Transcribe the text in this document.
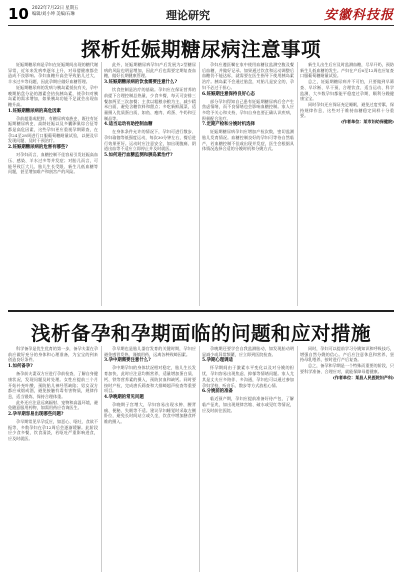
10 2022年7月22日 星期五
编辑/刘小坤 美编/石琳	理论研究	安徽科技报
探析妊娠期糖尿病注意事项

妊娠期糖尿病是孕妇在妊娠期间出现的糖代谢异常，近年来发病率逐年上升，对母婴健康都会造成不良影响。孕妇血糖升高会导致胎儿过大、羊水过多等问题，因此孕期应做好血糖管理。

妊娠期糖尿病的发病与胰岛素抵抗有关，孕中晚期胎盘分泌的激素会拮抗胰岛素，使孕妇对胰岛素的需求增加，如果胰岛功能不足就会出现血糖升高。

1.妊娠期糖尿病的高危因素

孕前超重或肥胖、有糖尿病家族史、既往有妊娠期糖尿病史、高龄妊娠以及多囊卵巢综合征等都是高危因素，这些孕妇更应重视孕期筛查，在孕24至28周进行口服葡萄糖耐量试验，以便及早发现问题、及时干预治疗。

2.妊娠期糖尿病的危害有哪些?

对孕妇而言，血糖控制不佳容易引发妊娠高血压、感染、羊水过多等并发症；对胎儿而言，可能导致巨大儿、胎儿生长受限、新生儿低血糖等问题，甚至增加难产和剖宫产的风险。

此外，妊娠期糖尿病孕妇产后发展为2型糖尿病的风险也明显增加，因此产后也需要定期复查血糖，做好长期健康管理。

3.妊娠期糖尿病的饮食需要注意什么?

饮食控制是治疗的基础。孕妇应在保证营养的前提下合理控制总热量，少食多餐，每天可安排三餐加两至三次加餐；主食以粗粮杂粮为主，减少精米白面，避免含糖饮料和甜点；多吃新鲜蔬菜，适量摄入优质蛋白质，如鱼、瘦肉、鸡蛋、牛奶和豆制品等。

4.适当运动有助控制血糖

在身体条件允许的情况下，孕妇可进行散步、孕妇瑜伽等低强度运动，每次30分钟左右，餐后进行效果更好。运动时应注意安全，如出现腹痛、阴道出血等不适应立即停止并及时就医。

5.如何进行血糖监测和胰岛素治疗?

孕妇应遵医嘱在家中使用血糖仪监测空腹及餐后血糖，并做好记录。如果通过饮食和运动调整后血糖仍不能达标，就需要在医生指导下使用胰岛素治疗。胰岛素不会通过胎盘，对胎儿是安全的，孕妇不必过于担心。

6.妊娠期注意保持良好心态

部分孕妇得知自己患有妊娠期糖尿病后会产生焦虑情绪，而不良情绪也会影响血糖控制。家人应多给予关心和支持，孕妇自身也要正确认识疾病，积极配合治疗。

7.定期产检和分娩时机选择

妊娠期糖尿病孕妇应增加产检次数，密切监测胎儿发育情况。血糖控制良好的孕妇可等待自然临产，若血糖控制不佳或出现并发症，医生会根据具体情况选择合适的分娩时机和分娩方式。

新生儿出生后应及时监测血糖，尽早开奶，预防新生儿低血糖的发生。产妇在产后6至12周也应复查口服葡萄糖耐量试验。

总之，妊娠期糖尿病并不可怕，只要做到早筛查、早诊断、早干预，合理饮食、适当运动、科学监测，大多数孕妇都能平稳度过孕期，顺利分娩健康宝宝。

同时孕妇还应保证充足睡眠，避免过度劳累，保持规律作息，这些对于维持血糖稳定同样十分重要。

(作者单位：某市妇幼保健院)
浅析备孕和孕期面临的问题和应对措施

科学备孕是优生优育的第一步，备孕夫妻在孕前应做好充分的身体和心理准备，为宝宝的到来创造良好条件。

1.如何备孕?

备孕前夫妻双方应进行孕前检查，了解自身健康状况，发现问题及时处理。女性应提前三个月开始补充叶酸，预防胎儿神经管缺陷；男女双方都应戒烟戒酒，避免接触有毒有害物质，规律作息，适当锻炼，保持合理体重。

此外还应注意远离辐射、宠物和高温环境，避免随意服用药物，如需用药应咨询医生。

2.孕早期容易出现哪些问题?

孕早期常见早孕反应，如恶心、呕吐、食欲不振等，多数孕妇在孕12周后会逐渐缓解。此阶段应少食多餐，饮食清淡，若呕吐严重影响进食，应及时就医。

孕早期也是胎儿器官发育的关键时期，孕妇应避免感冒发热，谨慎用药，远离各种致畸因素。

3.孕中期需要注意什么?

孕中期孕妇的身体状况相对稳定，胎儿生长发育加快，此时应注意均衡营养，适量增加蛋白质、钙、铁等营养素的摄入，预防贫血和缺钙。同时要按时产检，完成唐氏筛查和大排畸超声检查等重要项目。

4.孕晚期的常见问题

孕晚期子宫增大，孕妇容易出现水肿、腰背痛、便秘、失眠等不适。建议孕妇睡觉时采取左侧卧位，避免长时间站立或久坐，饮食中增加膳食纤维的摄入。

孕晚期还要学会自我监测胎动，如发现胎动明显减少或异常频繁，应立即到医院检查。

5.孕期心理调适

怀孕期间由于激素水平变化以及对分娩的担忧，孕妇容易出现焦虑、抑郁等情绪问题。家人尤其是丈夫应多陪伴、多沟通，孕妇也可以通过参加孕妇学校、听音乐、散步等方式放松心情。

6.分娩前的准备

临近预产期，孕妇应提前准备好待产包，了解临产征兆，如出现规律宫缩、破水或见红等情况，应及时前往医院。

同时，孕妇可以提前学习分娩知识和呼吸技巧，增强自然分娩的信心。产后应注意休息和营养，坚持母乳喂养，按时进行产后复查。

总之，备孕和孕期是一个特殊而重要的阶段，只要科学准备、合理应对，就能保障母婴健康。

(作者单位：某县人民医院妇产科)
